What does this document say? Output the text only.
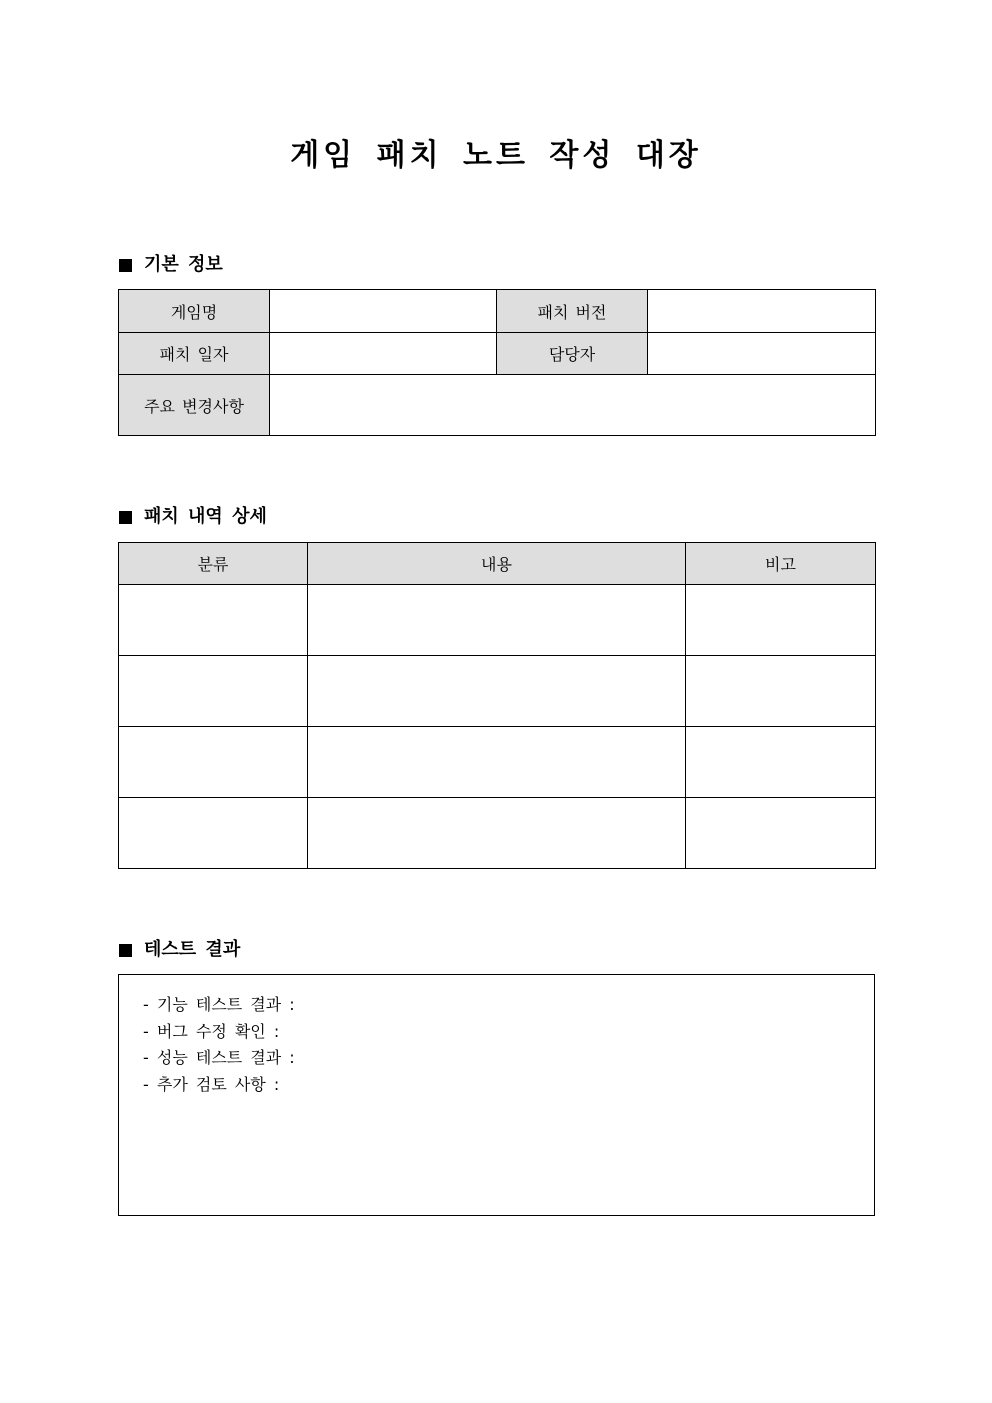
게임 패치 노트 작성 대장
기본 정보
게임명		패치 버전	
패치 일자		담당자	
주요 변경사항			
패치 내역 상세
분류	내용	비고

테스트 결과
- 기능 테스트 결과 :
- 버그 수정 확인 :
- 성능 테스트 결과 :
- 추가 검토 사항 :
